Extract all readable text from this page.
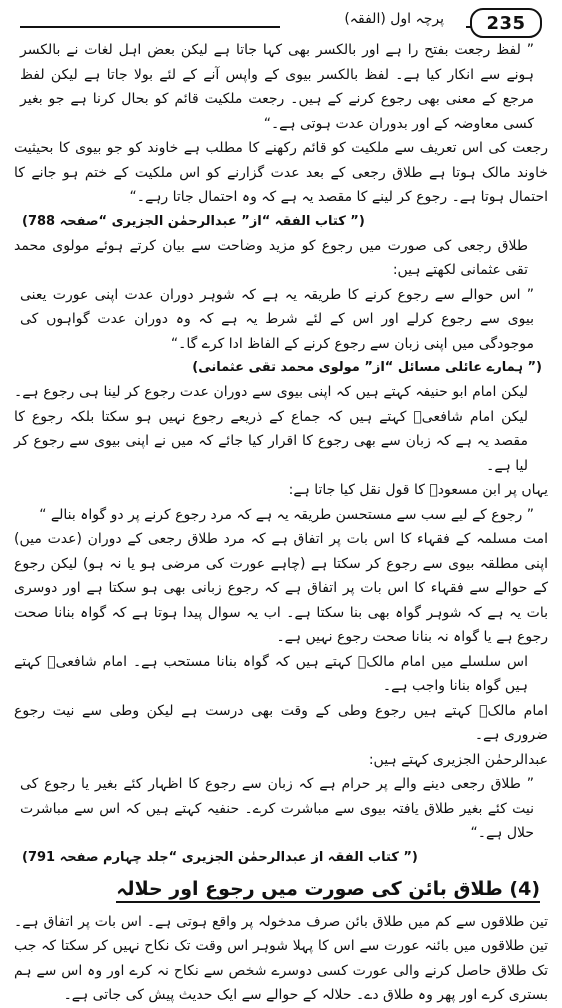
پرچہ اول (الفقہ)	235

” لفظ رجعت بفتح را ہے اور بالکسر بھی کہا جاتا ہے لیکن بعض اہل لغات نے بالکسر ہونے سے انکار کیا ہے۔ لفظ بالکسر بیوی کے واپس آنے کے لئے بولا جاتا ہے لیکن لفظ مرجع کے معنی بھی رجوع کرنے کے ہیں۔ رجعت ملکیت قائم کو بحال کرنا ہے جو بغیر کسی معاوضہ کے اور بدوران عدت ہوتی ہے۔“

رجعت کی اس تعریف سے ملکیت کو قائم رکھنے کا مطلب ہے خاوند کو جو بیوی کا بحیثیت خاوند مالک ہوتا ہے طلاق رجعی کے بعد عدت گزارنے کو اس ملکیت کے ختم ہو جانے کا احتمال ہوتا ہے۔ رجوع کر لینے کا مقصد یہ ہے کہ وہ احتمال جاتا رہے۔“

(” کتاب الفقہ “از” عبدالرحمٰن الجزیری “صفحہ 788)

طلاق رجعی کی صورت میں رجوع کو مزید وضاحت سے بیان کرتے ہوئے مولوی محمد تقی عثمانی لکھتے ہیں:

” اس حوالے سے رجوع کرنے کا طریقہ یہ ہے کہ شوہر دوران عدت اپنی عورت یعنی بیوی سے رجوع کرلے اور اس کے لئے شرط یہ ہے کہ وہ دوران عدت گواہوں کی موجودگی میں اپنی زبان سے رجوع کرنے کے الفاظ ادا کرے گا۔“

(” ہمارے عائلی مسائل “از” مولوی محمد تقی عثمانی)

لیکن امام ابو حنیفہ کہتے ہیں کہ اپنی بیوی سے دوران عدت رجوع کر لینا ہی رجوع ہے۔ لیکن امام شافعیؒ کہتے ہیں کہ جماع کے ذریعے رجوع نہیں ہو سکتا بلکہ رجوع کا مقصد یہ ہے کہ زبان سے بھی رجوع کا اقرار کیا جائے کہ میں نے اپنی بیوی سے رجوع کر لیا ہے۔

یہاں پر ابن مسعودؓ کا قول نقل کیا جاتا ہے:

” رجوع کے لیے سب سے مستحسن طریقہ یہ ہے کہ مرد رجوع کرنے پر دو گواہ بنالے “

امت مسلمہ کے فقہاء کا اس بات پر اتفاق ہے کہ مرد طلاق رجعی کے دوران (عدت میں) اپنی مطلقہ بیوی سے رجوع کر سکتا ہے (چاہے عورت کی مرضی ہو یا نہ ہو) لیکن رجوع کے حوالے سے فقہاء کا اس بات پر اتفاق ہے کہ رجوع زبانی بھی ہو سکتا ہے اور دوسری بات یہ ہے کہ شوہر گواہ بھی بنا سکتا ہے۔ اب یہ سوال پیدا ہوتا ہے کہ گواہ بنانا صحت رجوع ہے یا گواہ نہ بنانا صحت رجوع نہیں ہے۔

اس سلسلے میں امام مالکؒ کہتے ہیں کہ گواہ بنانا مستحب ہے۔ امام شافعیؒ کہتے ہیں گواہ بنانا واجب ہے۔

امام مالکؒ کہتے ہیں رجوع وطی کے وقت بھی درست ہے لیکن وطی سے نیت رجوع ضروری ہے۔

عبدالرحمٰن الجزیری کہتے ہیں:

” طلاق رجعی دینے والے پر حرام ہے کہ زبان سے رجوع کا اظہار کئے بغیر یا رجوع کی نیت کئے بغیر طلاق یافتہ بیوی سے مباشرت کرے۔ حنفیہ کہتے ہیں کہ اس سے مباشرت حلال ہے۔“

(” کتاب الفقہ از عبدالرحمٰن الجزیری “جلد چہارم صفحہ 791)

(4) طلاق بائن کی صورت میں رجوع اور حلالہ

تین طلاقوں سے کم میں طلاق بائن صرف مدخولہ پر واقع ہوتی ہے۔ اس بات پر اتفاق ہے۔ تین طلاقوں میں بائنہ عورت سے اس کا پہلا شوہر اس وقت تک نکاح نہیں کر سکتا کہ جب تک طلاق حاصل کرنے والی عورت کسی دوسرے شخص سے نکاح نہ کرے اور وہ اس سے ہم بستری کرے اور پھر وہ طلاق دے۔ حلالہ کے حوالے سے ایک حدیث پیش کی جاتی ہے۔
